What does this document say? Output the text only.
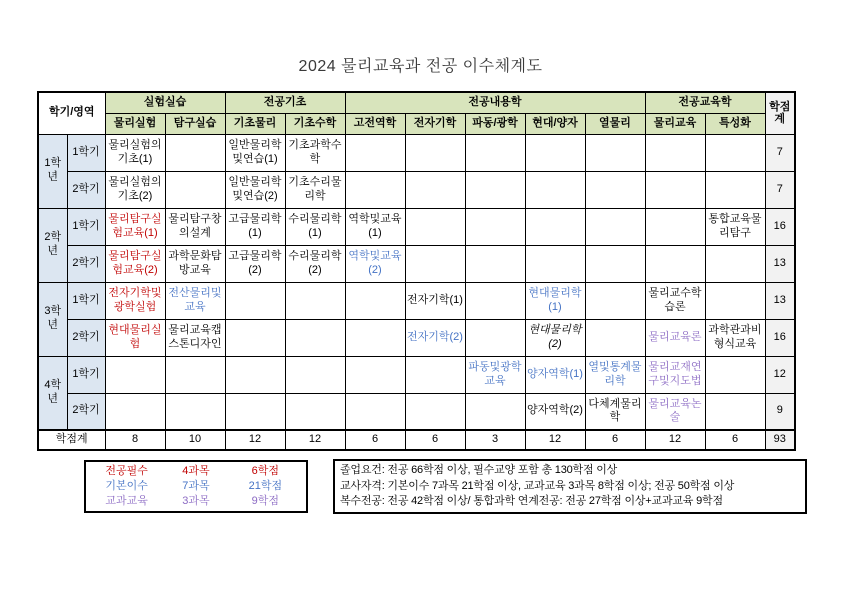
2024 물리교육과 전공 이수체계도
학기/영역		실험실습		전공기초		전공내용학					전공교육학		학점계
		물리실험	탐구실습	기초물리	기초수학	고전역학	전자기학	파동/광학	현대/양자	열물리	물리교육	특성화	
1학년	1학기	물리실험의기초(1)		일반물리학및연습(1)	기초과학수학								7
	2학기	물리실험의기초(2)		일반물리학및연습(2)	기초수리물리학								7
2학년	1학기	물리탐구실험교육(1)	물리탐구창의설계	고급물리학(1)	수리물리학(1)	역학및교육(1)						통합교육물리탐구	16
	2학기	물리탐구실험교육(2)	과학문화탐방교육	고급물리학(2)	수리물리학(2)	역학및교육(2)							13
3학년	1학기	전자기학및광학실험	전산물리및교육				전자기학(1)		현대물리학(1)		물리교수학습론		13
	2학기	현대물리실험	물리교육캡스톤디자인				전자기학(2)		현대물리학(2)		물리교육론	과학관과비형식교육	16
4학년	1학기							파동및광학교육	양자역학(1)	열및통계물리학	물리교재연구및지도법		12
	2학기								양자역학(2)	다체계물리학	물리교육논술		9
학점계		8	10	12	12	6	6	3	12	6	12	6	93
전공필수	4과목	6학점
기본이수	7과목	21학점
교과교육	3과목	9학점
졸업요건: 전공 66학점 이상, 필수교양 포함 총 130학점 이상
교사자격: 기본이수 7과목 21학점 이상, 교과교육 3과목 8학점 이상; 전공 50학점 이상
복수전공: 전공 42학점 이상/ 통합과학 연계전공: 전공 27학점 이상+교과교육 9학점
